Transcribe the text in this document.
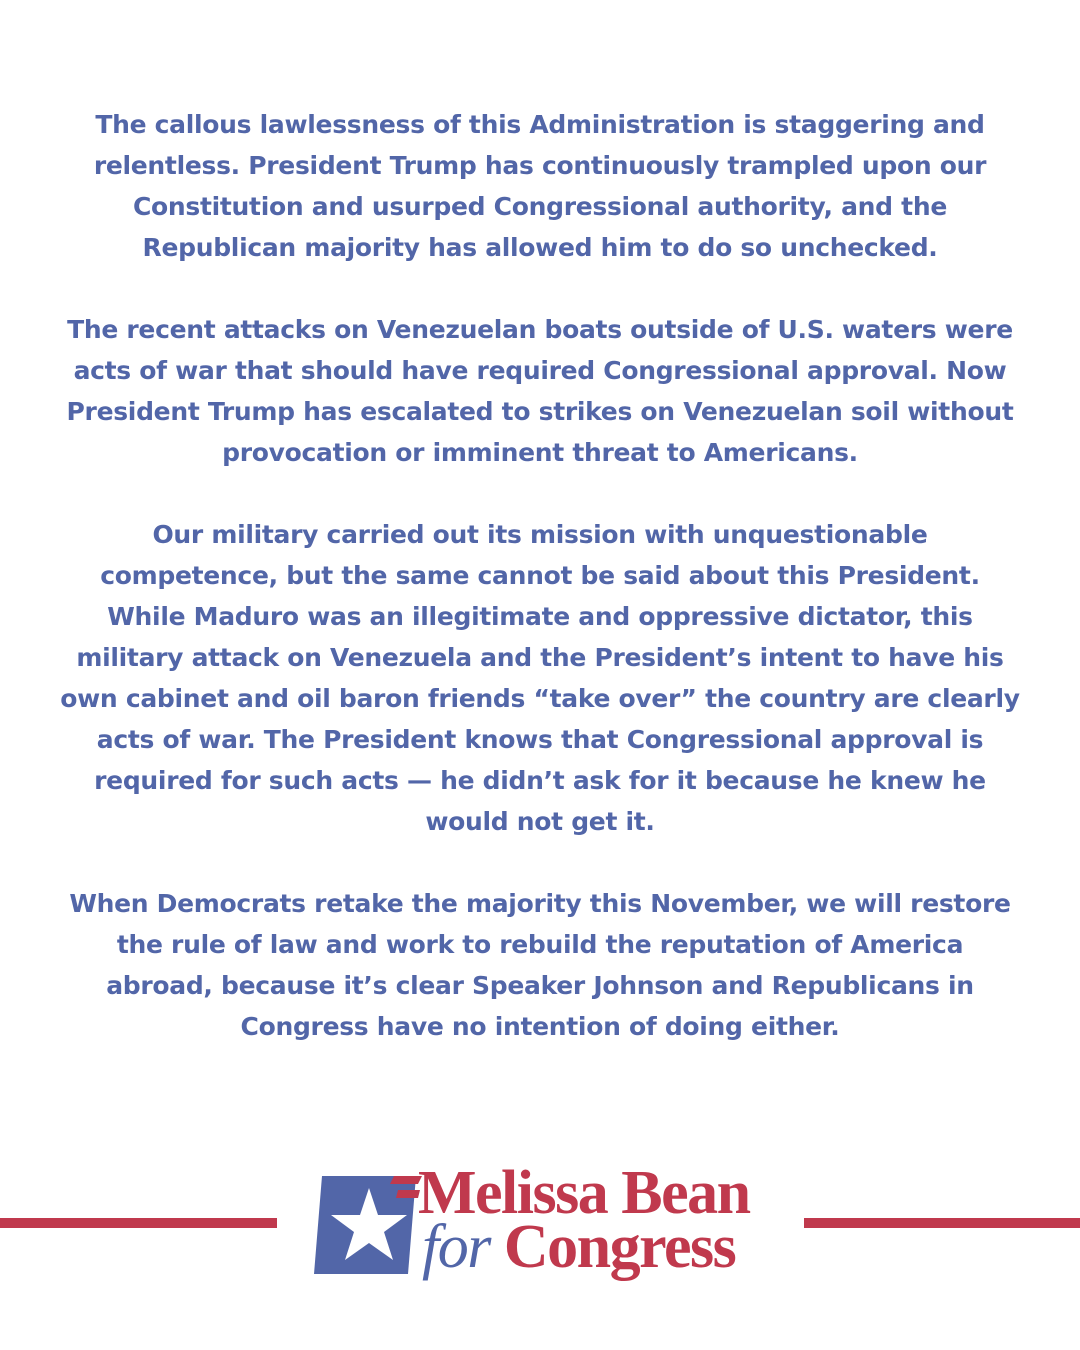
The callous lawlessness of this Administration is staggering and relentless. President Trump has continuously trampled upon our Constitution and usurped Congressional authority, and the Republican majority has allowed him to do so unchecked.

The recent attacks on Venezuelan boats outside of U.S. waters were acts of war that should have required Congressional approval. Now President Trump has escalated to strikes on Venezuelan soil without provocation or imminent threat to Americans.

Our military carried out its mission with unquestionable competence, but the same cannot be said about this President. While Maduro was an illegitimate and oppressive dictator, this military attack on Venezuela and the President’s intent to have his own cabinet and oil baron friends “take over” the country are clearly acts of war. The President knows that Congressional approval is required for such acts — he didn’t ask for it because he knew he would not get it.

When Democrats retake the majority this November, we will restore the rule of law and work to rebuild the reputation of America abroad, because it’s clear Speaker Johnson and Republicans in Congress have no intention of doing either.

Melissa Bean
for Congress
